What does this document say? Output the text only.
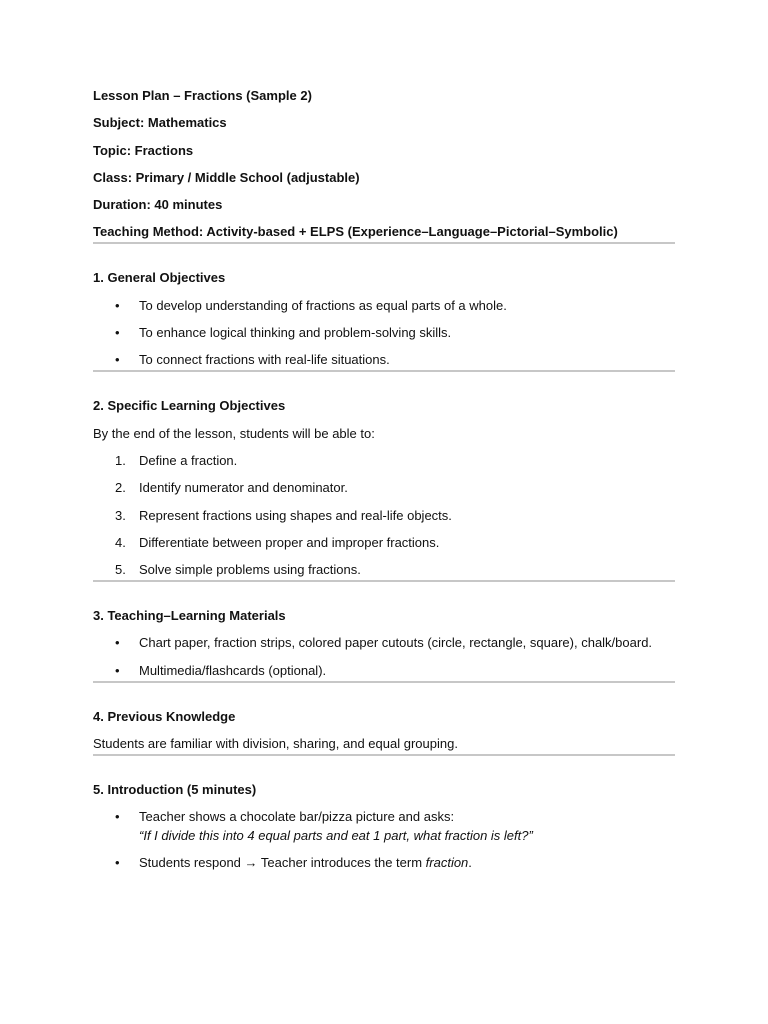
Lesson Plan – Fractions (Sample 2)

Subject: Mathematics

Topic: Fractions

Class: Primary / Middle School (adjustable)

Duration: 40 minutes

Teaching Method: Activity-based + ELPS (Experience–Language–Pictorial–Symbolic)

1. General Objectives

• To develop understanding of fractions as equal parts of a whole.
• To enhance logical thinking and problem-solving skills.
• To connect fractions with real-life situations.

2. Specific Learning Objectives

By the end of the lesson, students will be able to:

1. Define a fraction.
2. Identify numerator and denominator.
3. Represent fractions using shapes and real-life objects.
4. Differentiate between proper and improper fractions.
5. Solve simple problems using fractions.

3. Teaching–Learning Materials

• Chart paper, fraction strips, colored paper cutouts (circle, rectangle, square), chalk/board.
• Multimedia/flashcards (optional).

4. Previous Knowledge

Students are familiar with division, sharing, and equal grouping.

5. Introduction (5 minutes)

• Teacher shows a chocolate bar/pizza picture and asks:
“If I divide this into 4 equal parts and eat 1 part, what fraction is left?”
• Students respond → Teacher introduces the term fraction.
